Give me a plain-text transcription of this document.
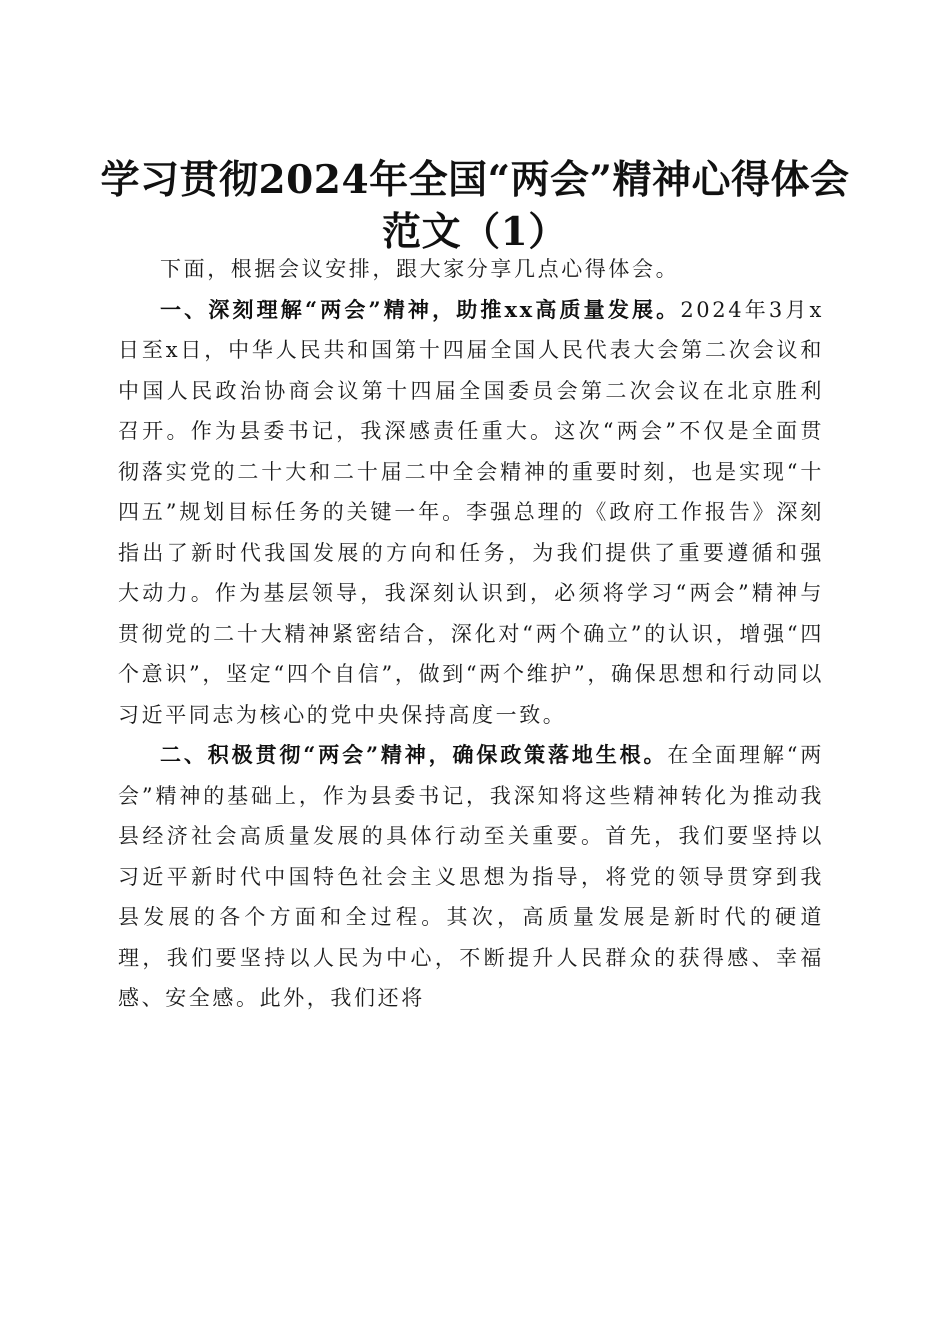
学习贯彻2024年全国“两会”精神心得体会
范文（1）

下面，根据会议安排，跟大家分享几点心得体会。

一、深刻理解“两会”精神，助推xx高质量发展。2024年3月x日至x日，中华人民共和国第十四届全国人民代表大会第二次会议和中国人民政治协商会议第十四届全国委员会第二次会议在北京胜利召开。作为县委书记，我深感责任重大。这次“两会”不仅是全面贯彻落实党的二十大和二十届二中全会精神的重要时刻，也是实现“十四五”规划目标任务的关键一年。李强总理的《政府工作报告》深刻指出了新时代我国发展的方向和任务，为我们提供了重要遵循和强大动力。作为基层领导，我深刻认识到，必须将学习“两会”精神与贯彻党的二十大精神紧密结合，深化对“两个确立”的认识，增强“四个意识”，坚定“四个自信”，做到“两个维护”，确保思想和行动同以习近平同志为核心的党中央保持高度一致。

二、积极贯彻“两会”精神，确保政策落地生根。在全面理解“两会”精神的基础上，作为县委书记，我深知将这些精神转化为推动我县经济社会高质量发展的具体行动至关重要。首先，我们要坚持以习近平新时代中国特色社会主义思想为指导，将党的领导贯穿到我县发展的各个方面和全过程。其次，高质量发展是新时代的硬道理，我们要坚持以人民为中心，不断提升人民群众的获得感、幸福感、安全感。此外，我们还将
